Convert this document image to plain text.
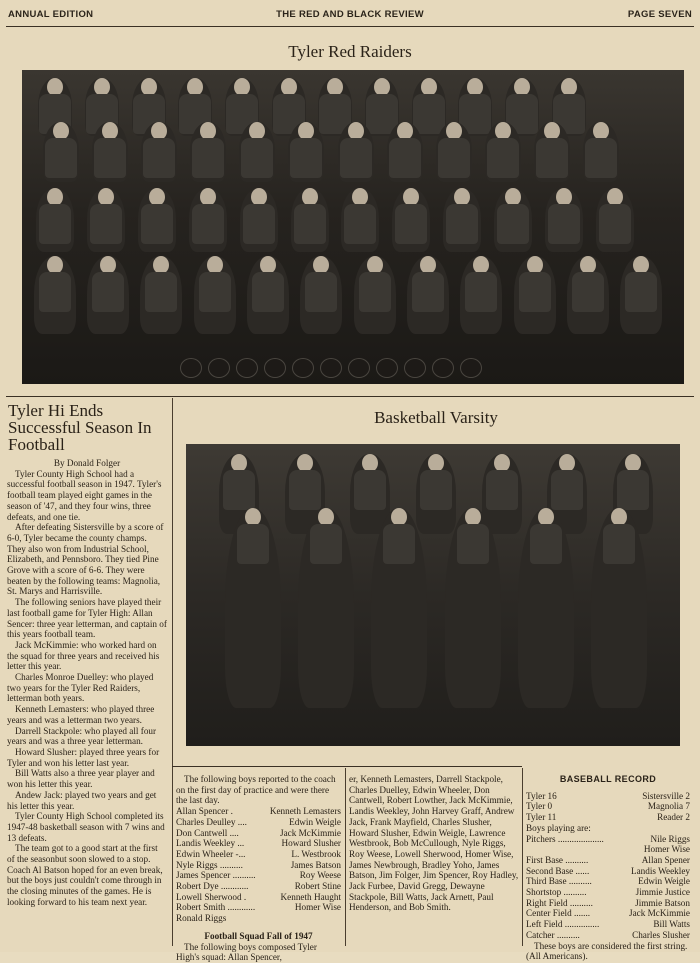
ANNUAL EDITION	THE RED AND BLACK REVIEW	PAGE SEVEN
Tyler Red Raiders
Tyler Hi Ends Successful Season In Football

By Donald Folger

Tyler County High School had a successful football season in 1947. Tyler's football team played eight games in the season of '47, and they four wins, three defeats, and one tie.

After defeating Sistersville by a score of 6-0, Tyler became the county champs. They also won from Industrial School, Elizabeth, and Pennsboro. They tied Pine Grove with a score of 6-6. They were beaten by the following teams: Magnolia, St. Marys and Harrisville.

The following seniors have played their last football game for Tyler High: Allan Sencer: three year letterman, and captain of this years football team.

Jack McKimmie: who worked hard on the squad for three years and received his letter this year.

Charles Monroe Duelley: who played two years for the Tyler Red Raiders, letterman both years.

Kenneth Lemasters: who played three years and was a letterman two years.

Darrell Stackpole: who played all four years and was a three year letterman.

Howard Slusher: played three years for Tyler and won his letter last year.

Bill Watts also a three year player and won his letter this year.

Andew Jack: played two years and get his letter this year.

Tyler County High School completed its 1947-48 basketball season with 7 wins and 13 defeats.

The team got to a good start at the first of the seasonbut soon slowed to a stop. Coach Al Batson hoped for an even break, but the boys just couldn't come through in the closing minutes of the games. He is looking forward to his team next year.

Basketball Varsity

The following boys reported to the coach on the first day of practice and were there the last day.

Allan Spencer .	Kenneth Lemasters
Charles Deulley ....	Edwin Weigle
Don Cantwell ....	Jack McKimmie
Landis Weekley ...	Howard Slusher
Edwin Wheeler -...	L. Westbrook
Nyle Riggs ..........	James Batson
James Spencer ..........	Roy Weese
Robert Dye ............	Robert Stine
Lowell Sherwood .	Kenneth Haught
Robert Smith ............	Homer Wise
Ronald Riggs
Football Squad Fall of 1947

The following boys composed Tyler High's squad: Allan Spencer,

er, Kenneth Lemasters, Darrell Stackpole, Charles Duelley, Edwin Wheeler, Don Cantwell, Robert Lowther, Jack McKimmie, Landis Weekley, John Harvey Graff, Andrew Jack, Frank Mayfield, Charles Slusher, Howard Slusher, Edwin Weigle, Lawrence Westbrook, Bob McCullough, Nyle Riggs, Roy Weese, Lowell Sherwood, Homer Wise, James Newbrough, Bradley Yoho, James Batson, Jim Folger, Jim Spencer, Roy Hadley, Jack Furbee, David Gregg, Dewayne Stackpole, Bill Watts, Jack Arnett, Paul Henderson, and Bob Smith.

BASEBALL RECORD
Tyler 16	Sistersville 2
Tyler 0	Magnolia 7
Tyler 11	Reader 2
Boys playing are:
Pitchers ....................	Nile Riggs
Homer Wise
First Base ..........	Allan Spener
Second Base ......	Landis Weekley
Third Base ..........	Edwin Weigle
Shortstop ..........	Jimmie Justice
Right Field ..........	Jimmie Batson
Center Field .......	Jack McKimmie
Left Field ...............	Bill Watts
Catcher ..........	Charles Slusher

These boys are considered the first string. (All Americans).
